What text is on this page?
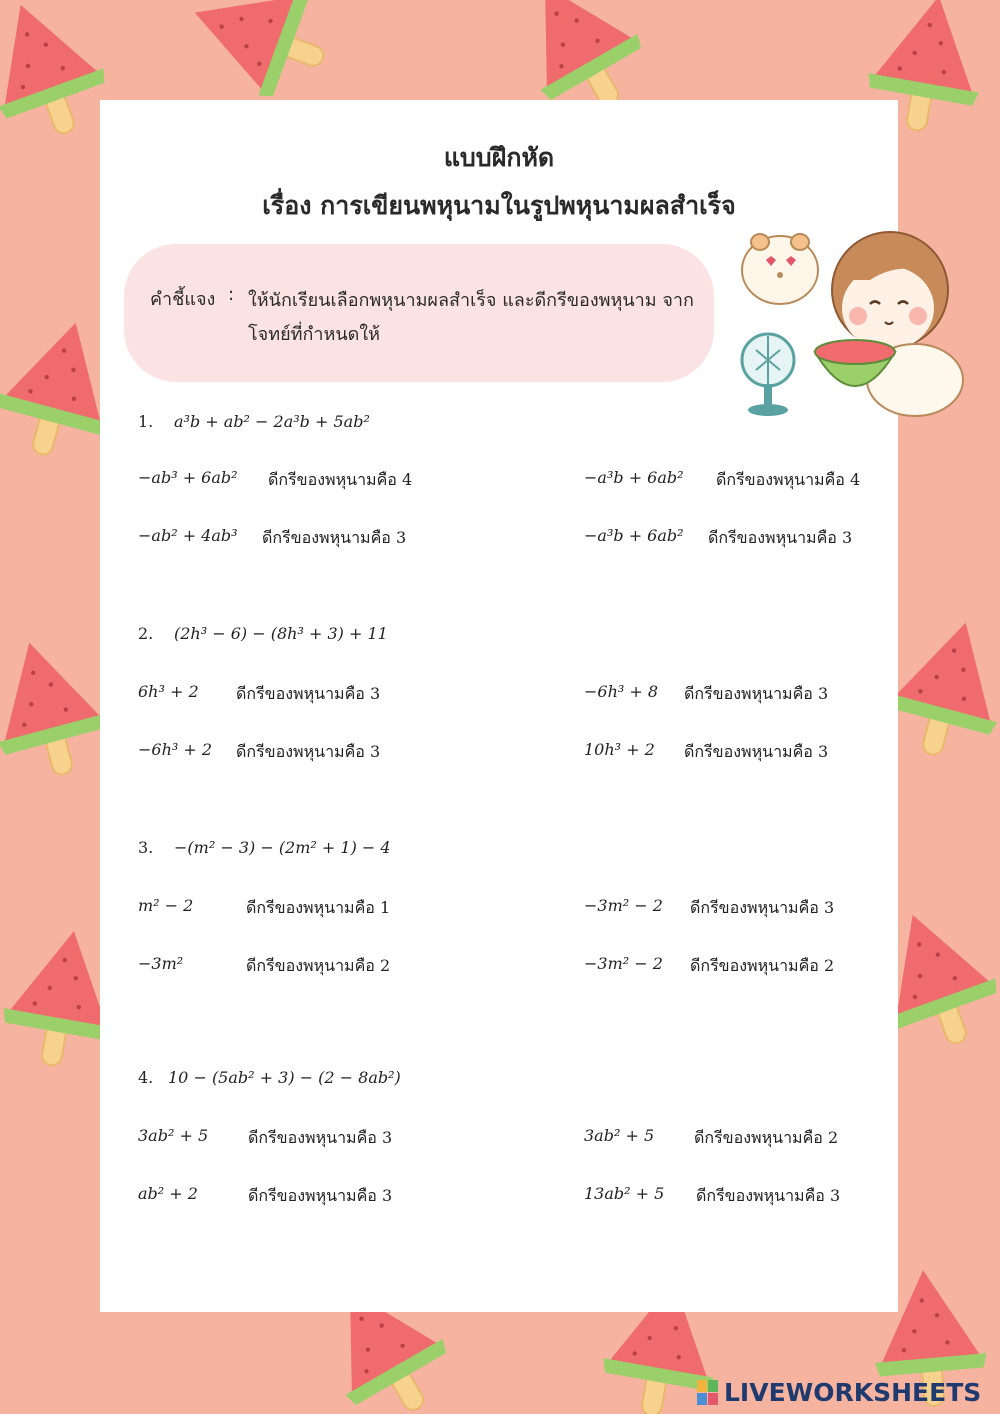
แบบฝึกหัด
เรื่อง การเขียนพหุนามในรูปพหุนามผลสำเร็จ
คำชี้แจง : ให้นักเรียนเลือกพหุนามผลสำเร็จ และดีกรีของพหุนาม จากโจทย์ที่กำหนดให้
1. a³b + ab² − 2a³b + 5ab²
−ab³ + 6ab² ดีกรีของพหุนามคือ 4	−a³b + 6ab² ดีกรีของพหุนามคือ 4
−ab² + 4ab³ ดีกรีของพหุนามคือ 3	−a³b + 6ab² ดีกรีของพหุนามคือ 3
2. (2h³ − 6) − (8h³ + 3) + 11
6h³ + 2 ดีกรีของพหุนามคือ 3	−6h³ + 8 ดีกรีของพหุนามคือ 3
−6h³ + 2 ดีกรีของพหุนามคือ 3	10h³ + 2 ดีกรีของพหุนามคือ 3
3. −(m² − 3) − (2m² + 1) − 4
m² − 2	ดีกรีของพหุนามคือ 1	−3m² − 2 ดีกรีของพหุนามคือ 3
−3m²	ดีกรีของพหุนามคือ 2	−3m² − 2 ดีกรีของพหุนามคือ 2
4. 10 − (5ab² + 3) − (2 − 8ab²)
3ab² + 5 ดีกรีของพหุนามคือ 3	3ab² + 5 ดีกรีของพหุนามคือ 2
ab² + 2	ดีกรีของพหุนามคือ 3	13ab² + 5 ดีกรีของพหุนามคือ 3
LIVEWORKSHEETS
